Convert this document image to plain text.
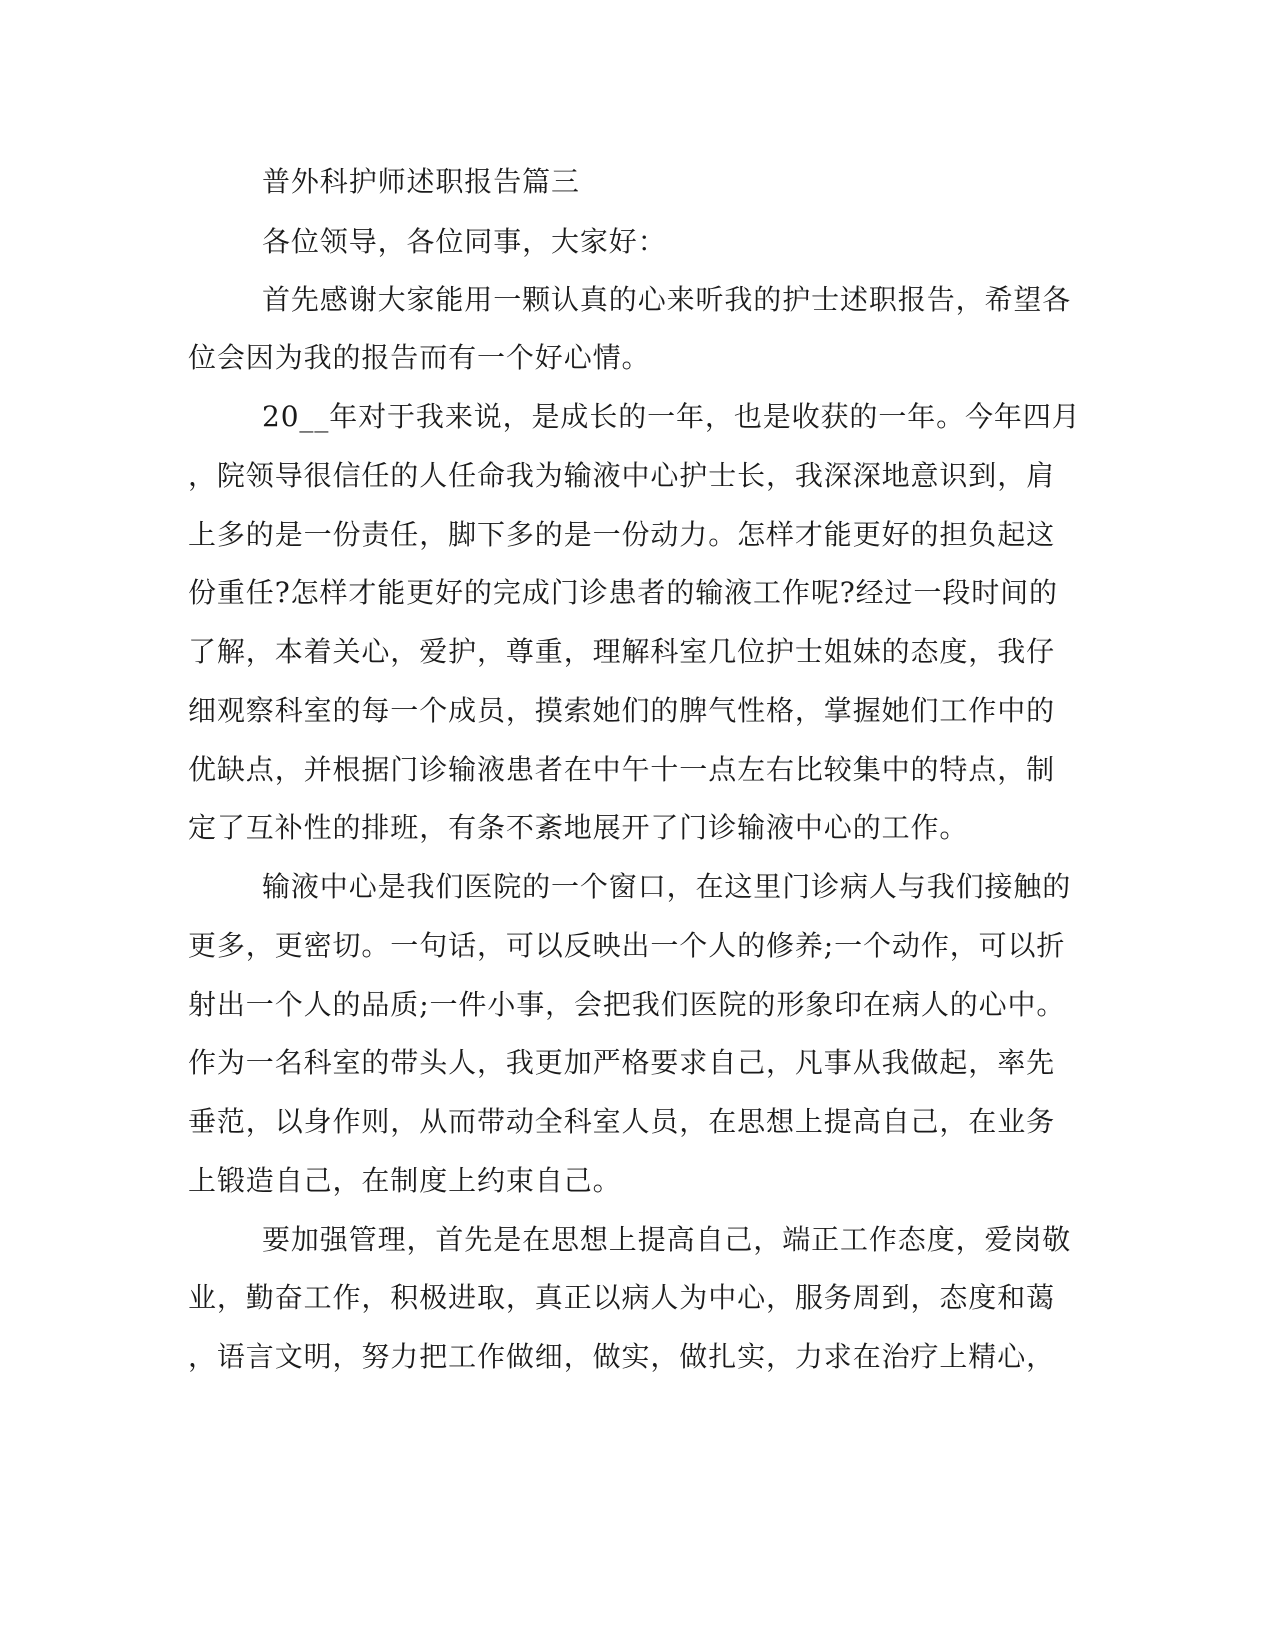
普外科护师述职报告篇三
各位领导，各位同事，大家好：
首先感谢大家能用一颗认真的心来听我的护士述职报告，希望各
位会因为我的报告而有一个好心情。
20__年对于我来说，是成长的一年，也是收获的一年。今年四月
，院领导很信任的人任命我为输液中心护士长，我深深地意识到，肩
上多的是一份责任，脚下多的是一份动力。怎样才能更好的担负起这
份重任?怎样才能更好的完成门诊患者的输液工作呢?经过一段时间的
了解，本着关心，爱护，尊重，理解科室几位护士姐妹的态度，我仔
细观察科室的每一个成员，摸索她们的脾气性格，掌握她们工作中的
优缺点，并根据门诊输液患者在中午十一点左右比较集中的特点，制
定了互补性的排班，有条不紊地展开了门诊输液中心的工作。
输液中心是我们医院的一个窗口，在这里门诊病人与我们接触的
更多，更密切。一句话，可以反映出一个人的修养;一个动作，可以折
射出一个人的品质;一件小事，会把我们医院的形象印在病人的心中。
作为一名科室的带头人，我更加严格要求自己，凡事从我做起，率先
垂范，以身作则，从而带动全科室人员，在思想上提高自己，在业务
上锻造自己，在制度上约束自己。
要加强管理，首先是在思想上提高自己，端正工作态度，爱岗敬
业，勤奋工作，积极进取，真正以病人为中心，服务周到，态度和蔼
，语言文明，努力把工作做细，做实，做扎实，力求在治疗上精心，
